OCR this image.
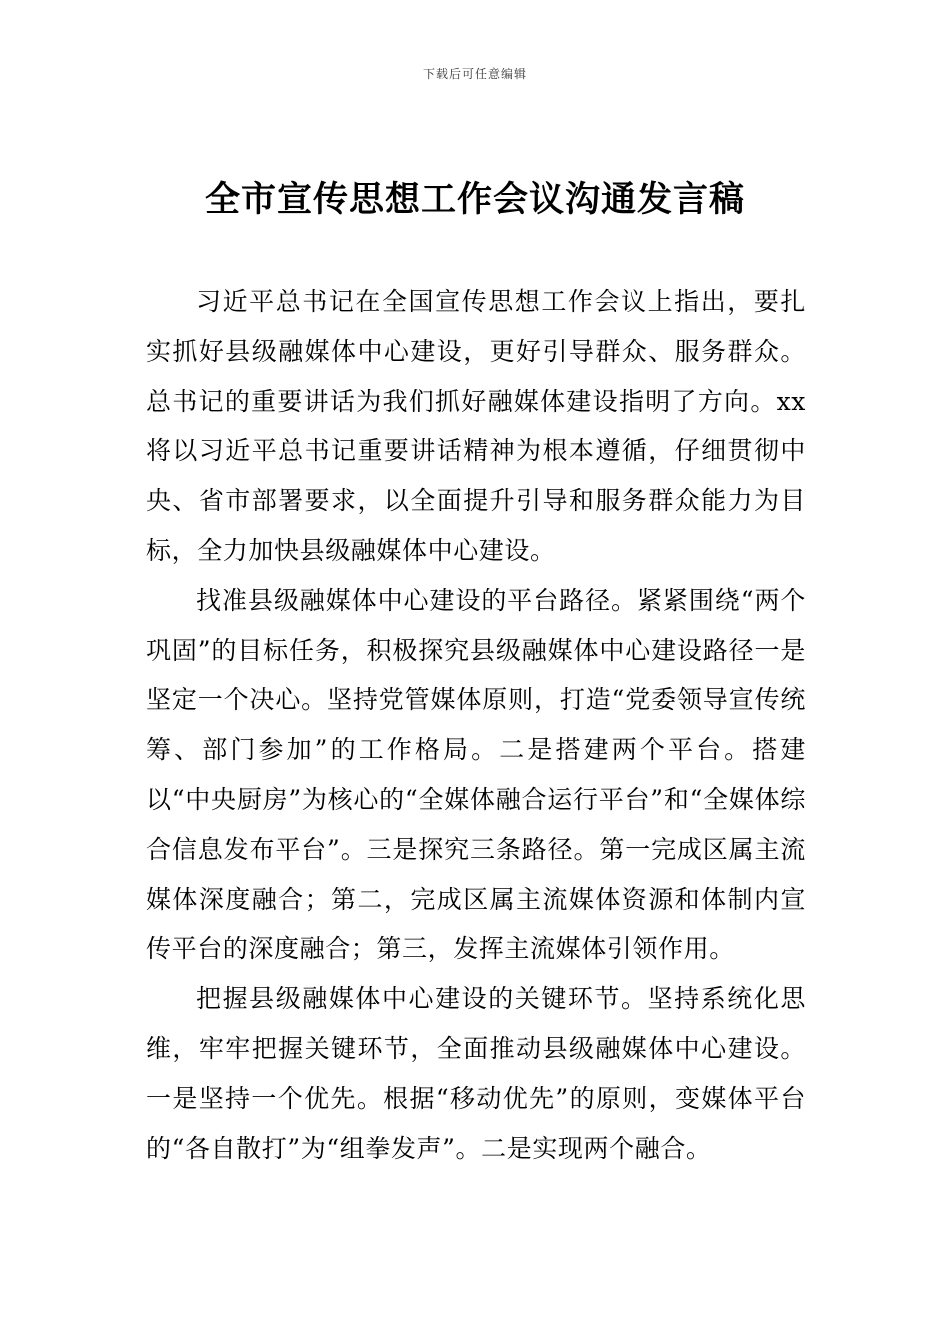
下载后可任意编辑
全市宣传思想工作会议沟通发言稿

习近平总书记在全国宣传思想工作会议上指出，要扎实抓好县级融媒体中心建设，更好引导群众、服务群众。总书记的重要讲话为我们抓好融媒体建设指明了方向。xx将以习近平总书记重要讲话精神为根本遵循，仔细贯彻中央、省市部署要求，以全面提升引导和服务群众能力为目标，全力加快县级融媒体中心建设。

找准县级融媒体中心建设的平台路径。紧紧围绕“两个巩固”的目标任务，积极探究县级融媒体中心建设路径一是坚定一个决心。坚持党管媒体原则，打造“党委领导宣传统筹、部门参加”的工作格局。二是搭建两个平台。搭建以“中央厨房”为核心的“全媒体融合运行平台”和“全媒体综合信息发布平台”。三是探究三条路径。第一完成区属主流媒体深度融合；第二，完成区属主流媒体资源和体制内宣传平台的深度融合；第三，发挥主流媒体引领作用。

把握县级融媒体中心建设的关键环节。坚持系统化思维，牢牢把握关键环节，全面推动县级融媒体中心建设。一是坚持一个优先。根据“移动优先”的原则，变媒体平台的“各自散打”为“组拳发声”。二是实现两个融合。
